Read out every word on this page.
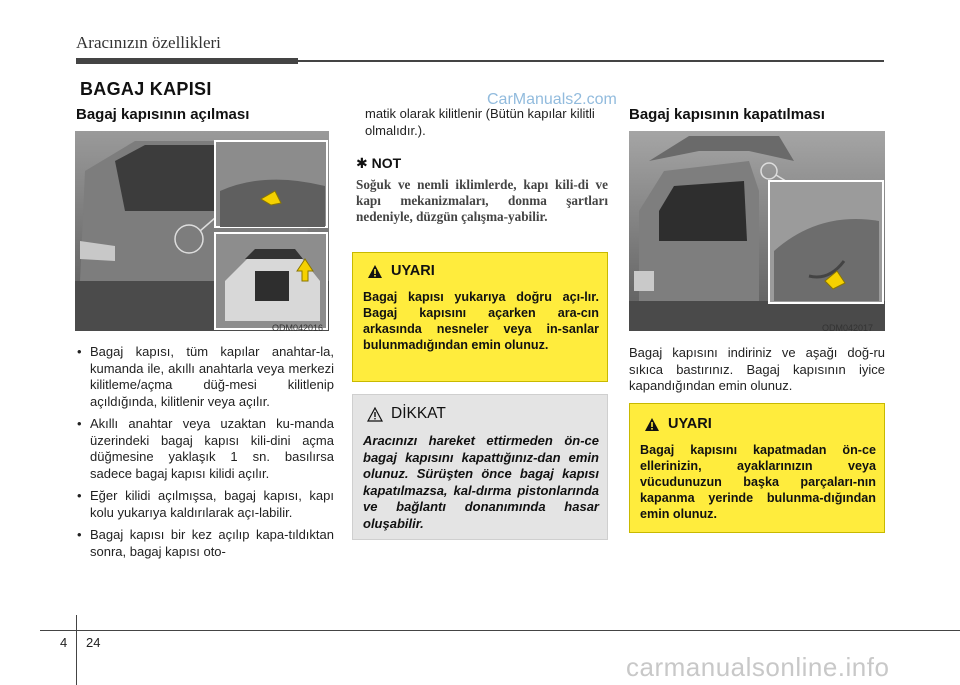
Aracınızın özellikleri
BAGAJ KAPISI
CarManuals2.com
Bagaj kapısının açılması
ODM042016
• Bagaj kapısı, tüm kapılar anahtar-la, kumanda ile, akıllı anahtarla veya merkezi kilitleme/açma düğ-mesi kilitlenip açıldığında, kilitlenir veya açılır.
• Akıllı anahtar veya uzaktan ku-manda üzerindeki bagaj kapısı kili-dini açma düğmesine yaklaşık 1 sn. basılırsa sadece bagaj kapısı kilidi açılır.
• Eğer kilidi açılmışsa, bagaj kapısı, kapı kolu yukarıya kaldırılarak açı-labilir.
• Bagaj kapısı bir kez açılıp kapa-tıldıktan sonra, bagaj kapısı oto-
matik olarak kilitlenir (Bütün kapılar kilitli olmalıdır.).
✱ NOT
Soğuk ve nemli iklimlerde, kapı kili-di ve kapı mekanizmaları, donma şartları nedeniyle, düzgün çalışma-yabilir.
UYARI
Bagaj kapısı yukarıya doğru açı-lır. Bagaj kapısını açarken ara-cın arkasında nesneler veya in-sanlar bulunmadığından emin olunuz.
DİKKAT
Aracınızı hareket ettirmeden ön-ce bagaj kapısını kapattığınız-dan emin olunuz. Sürüşten önce bagaj kapısı kapatılmazsa, kal-dırma pistonlarında ve bağlantı donanımında hasar oluşabilir.
Bagaj kapısının kapatılması
ODM042017
Bagaj kapısını indiriniz ve aşağı doğ-ru sıkıca bastırınız. Bagaj kapısının iyice kapandığından emin olunuz.
UYARI
Bagaj kapısını kapatmadan ön-ce ellerinizin, ayaklarınızın veya vücudunuzun başka parçaları-nın kapanma yerinde bulunma-dığından emin olunuz.
4 24
carmanualsonline.info
